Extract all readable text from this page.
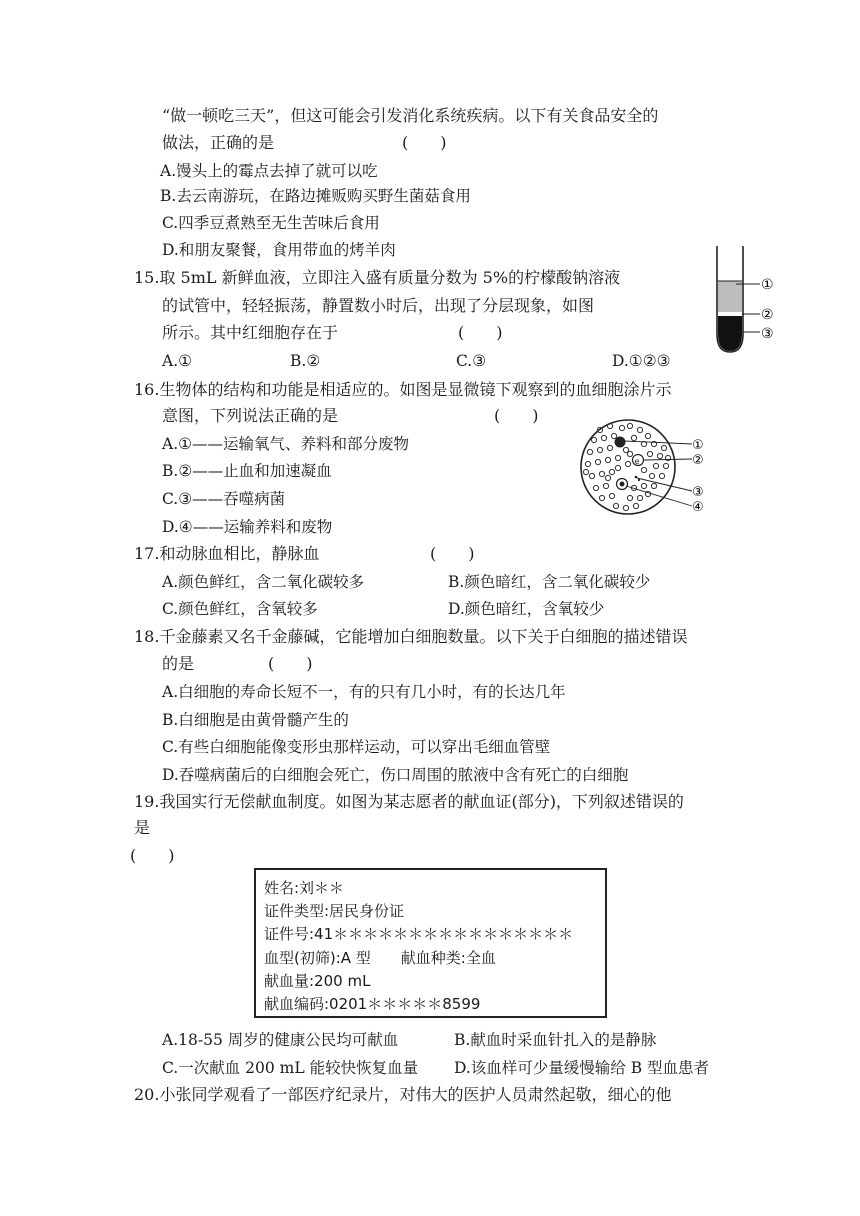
“做一顿吃三天”，但这可能会引发消化系统疾病。以下有关食品安全的
做法，正确的是	(　　)
A.馒头上的霉点去掉了就可以吃
B.去云南游玩，在路边摊贩购买野生菌菇食用
C.四季豆煮熟至无生苦味后食用
D.和朋友聚餐，食用带血的烤羊肉
15.取 5mL 新鲜血液，立即注入盛有质量分数为 5%的柠檬酸钠溶液
的试管中，轻轻振荡，静置数小时后，出现了分层现象，如图
所示。其中红细胞存在于	(　　)
A.①	B.②	C.③	D.①②③
①
②
③
16.生物体的结构和功能是相适应的。如图是显微镜下观察到的血细胞涂片示
意图，下列说法正确的是	(　　)
A.①——运输氧气、养料和部分废物
B.②——止血和加速凝血
C.③——吞噬病菌
D.④——运输养料和废物
e
①
②
③
④
17.和动脉血相比，静脉血	(　　)
A.颜色鲜红，含二氧化碳较多	B.颜色暗红，含二氧化碳较少
C.颜色鲜红，含氧较多	D.颜色暗红，含氧较少
18.千金藤素又名千金藤碱，它能增加白细胞数量。以下关于白细胞的描述错误
的是	(　　)
A.白细胞的寿命长短不一，有的只有几小时，有的长达几年
B.白细胞是由黄骨髓产生的
C.有些白细胞能像变形虫那样运动，可以穿出毛细血管壁
D.吞噬病菌后的白细胞会死亡，伤口周围的脓液中含有死亡的白细胞
19.我国实行无偿献血制度。如图为某志愿者的献血证(部分)，下列叙述错误的
是
(　　)
姓名:刘＊＊
证件类型:居民身份证
证件号:41＊＊＊＊＊＊＊＊＊＊＊＊＊＊＊＊
血型(初筛):A 型　　献血种类:全血
献血量:200 mL
献血编码:0201＊＊＊＊＊8599
A.18-55 周岁的健康公民均可献血	B.献血时采血针扎入的是静脉
C.一次献血 200 mL 能较快恢复血量 D.该血样可少量缓慢输给 B 型血患者
20.小张同学观看了一部医疗纪录片，对伟大的医护人员肃然起敬，细心的他
